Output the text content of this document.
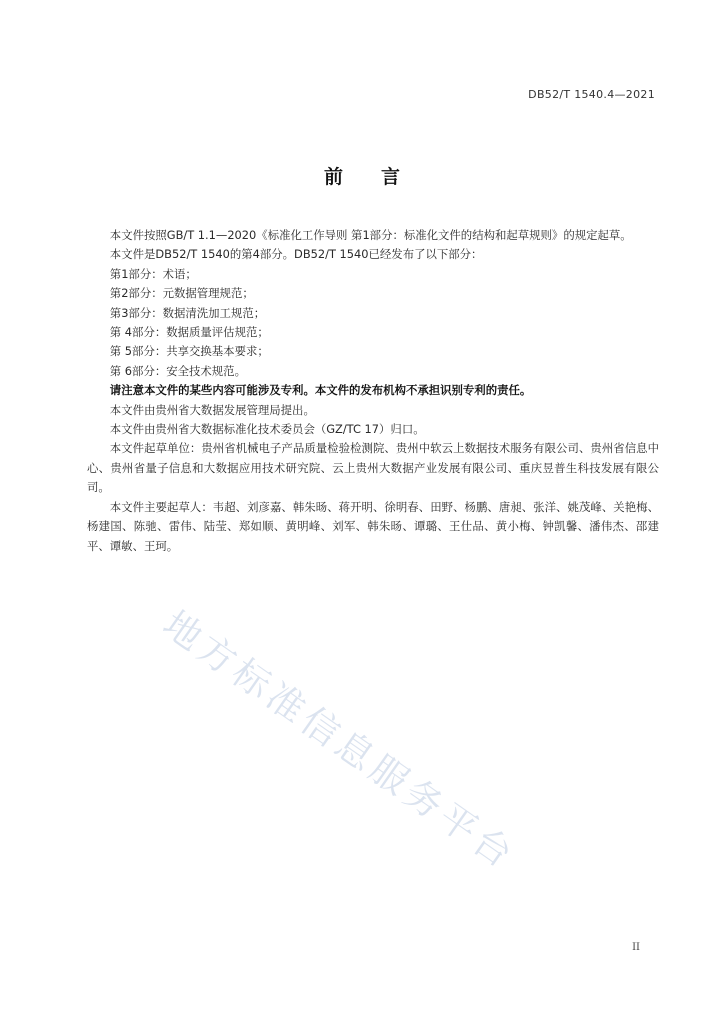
DB52/T 1540.4—2021
前 言

本文件按照GB/T 1.1—2020《标准化工作导则 第1部分：标准化文件的结构和起草规则》的规定起草。

本文件是DB52/T 1540的第4部分。DB52/T 1540已经发布了以下部分：

第1部分：术语；

第2部分：元数据管理规范；

第3部分：数据清洗加工规范；

第 4部分：数据质量评估规范；

第 5部分：共享交换基本要求；

第 6部分：安全技术规范。

请注意本文件的某些内容可能涉及专利。本文件的发布机构不承担识别专利的责任。

本文件由贵州省大数据发展管理局提出。

本文件由贵州省大数据标准化技术委员会（GZ/TC 17）归口。

本文件起草单位：贵州省机械电子产品质量检验检测院、贵州中软云上数据技术服务有限公司、贵州省信息中心、贵州省量子信息和大数据应用技术研究院、云上贵州大数据产业发展有限公司、重庆昱普生科技发展有限公司。

本文件主要起草人：韦超、刘彦嘉、韩朱旸、蒋开明、徐明春、田野、杨鹏、唐昶、张洋、姚茂峰、关艳梅、杨建国、陈驰、雷伟、陆莹、郑如顺、黄明峰、刘军、韩朱旸、谭璐、王仕品、黄小梅、钟凯馨、潘伟杰、邵建平、谭敏、王珂。

地方标准信息服务平台
II
